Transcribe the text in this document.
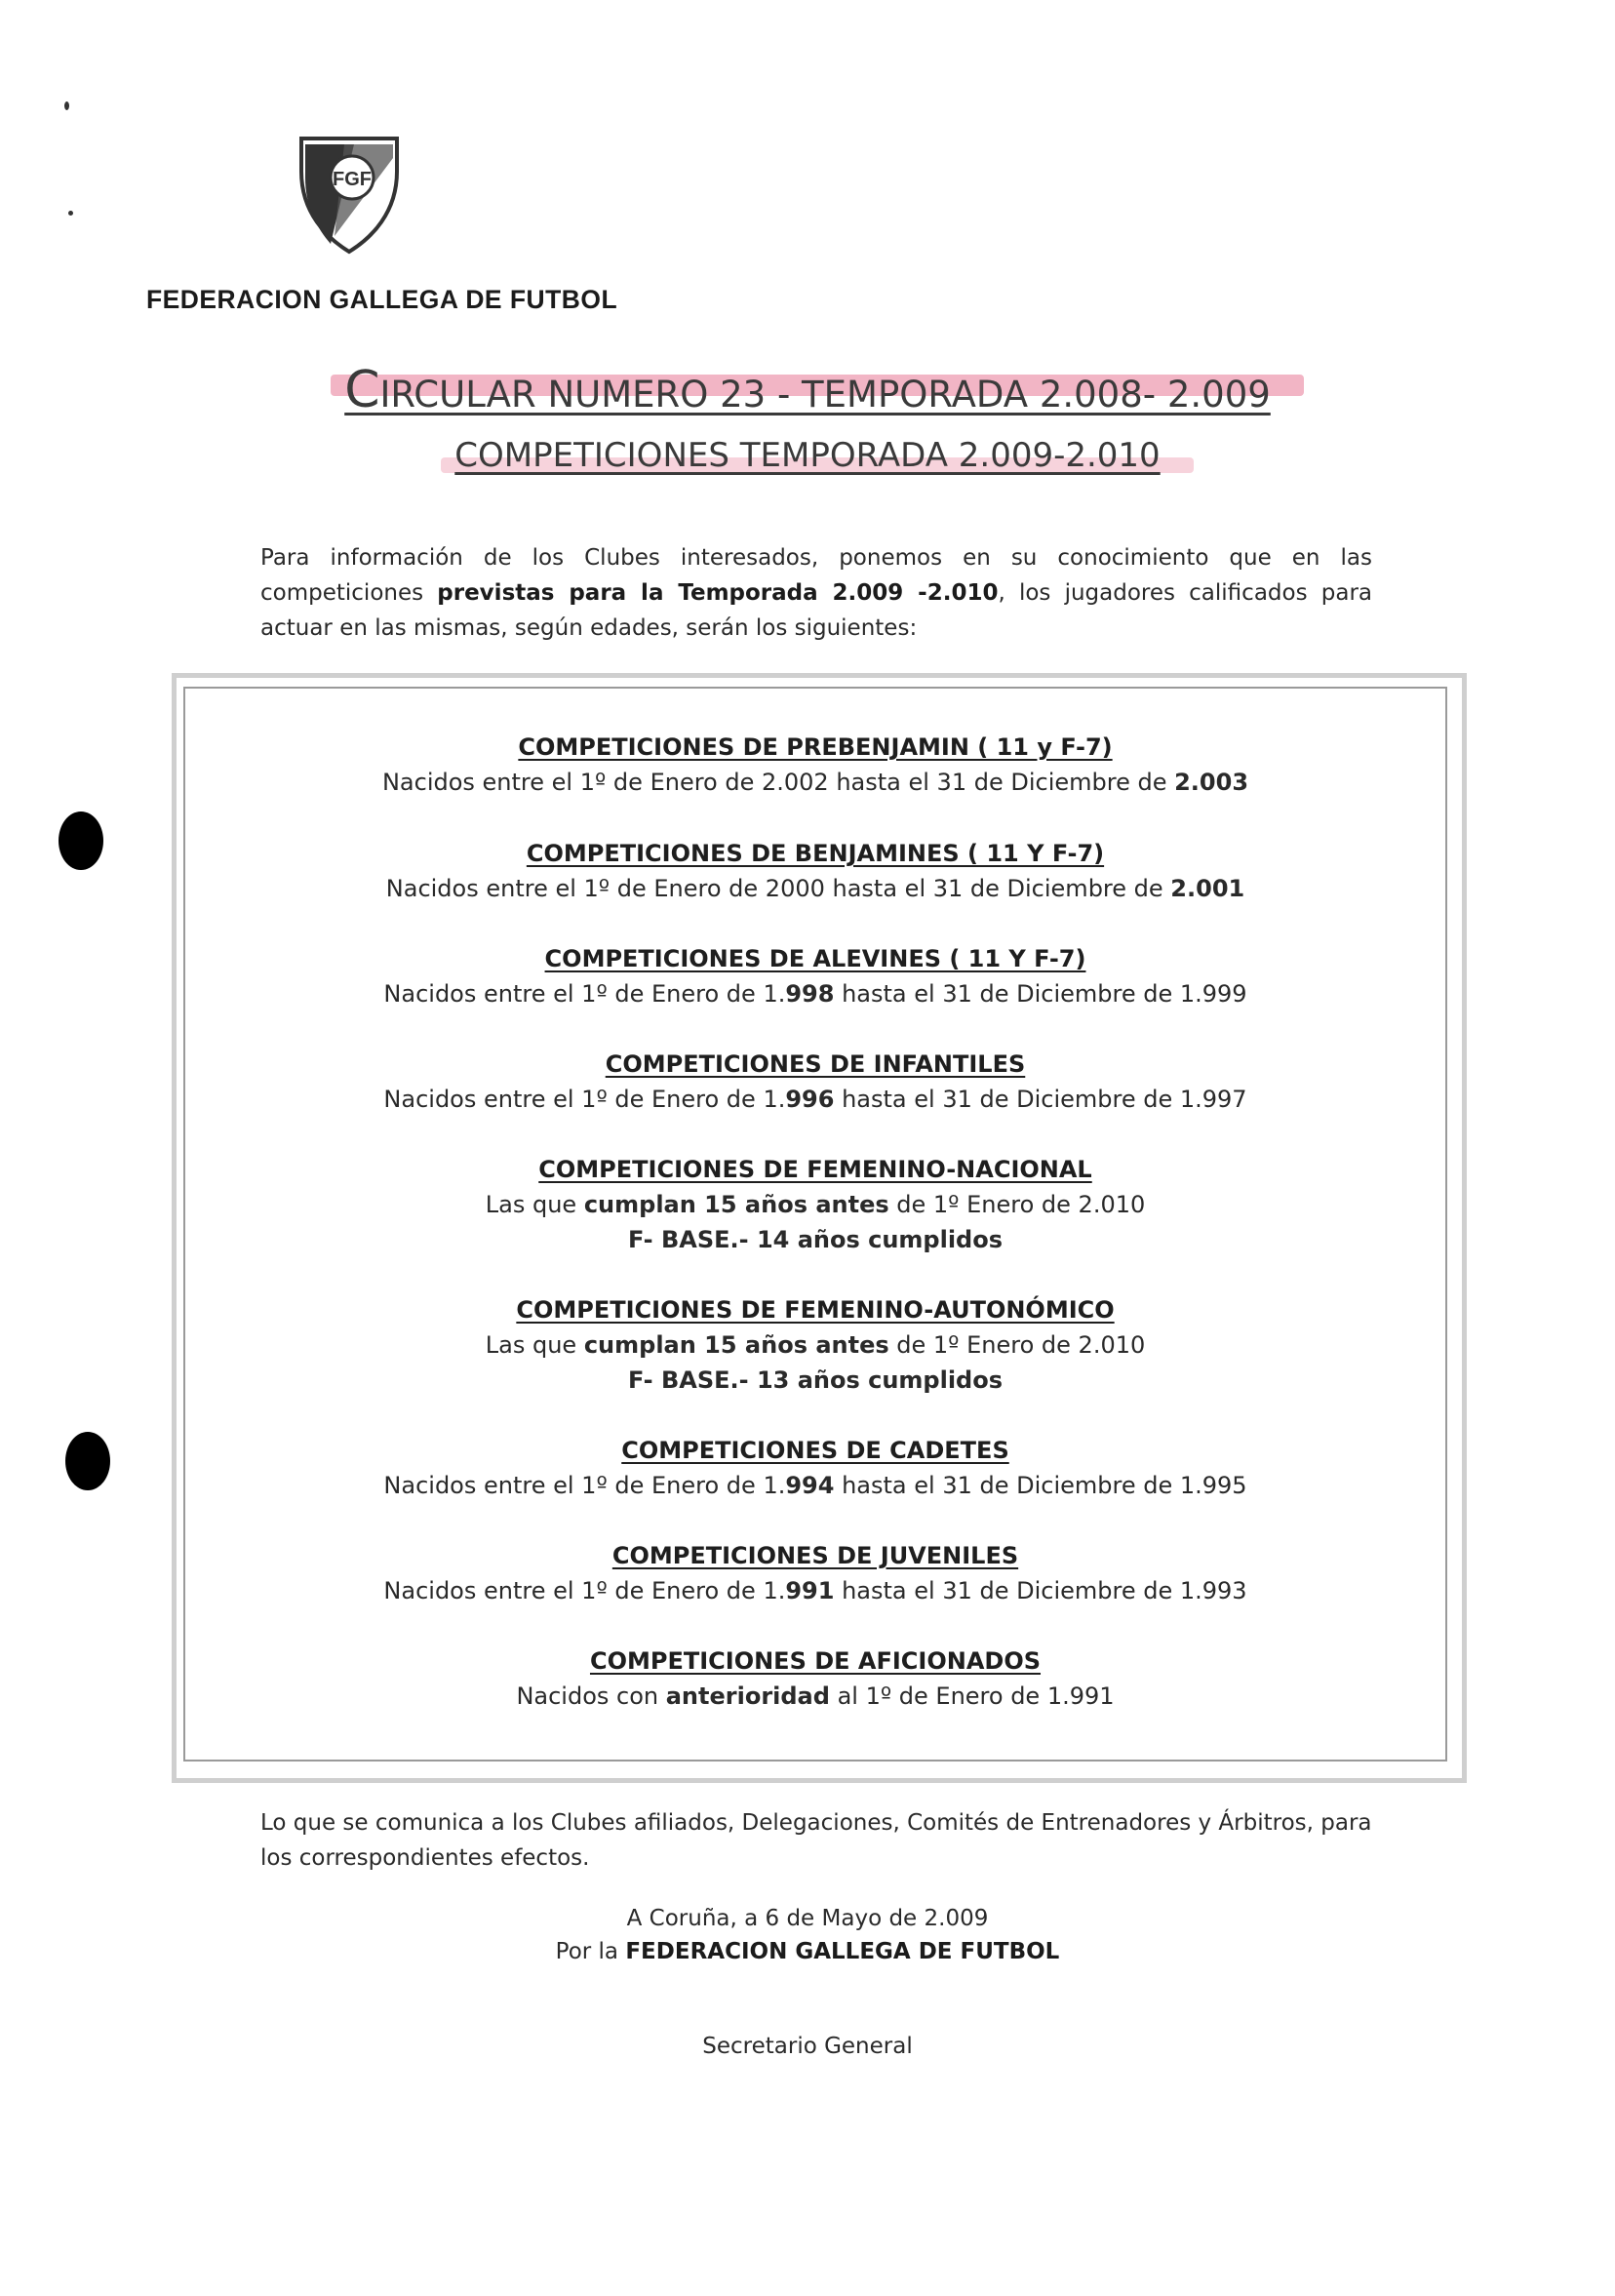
FGF
FEDERACION GALLEGA DE FUTBOL
CIRCULAR NUMERO 23 - TEMPORADA 2.008- 2.009
COMPETICIONES TEMPORADA 2.009-2.010
Para información de los Clubes interesados, ponemos en su conocimiento que en las competiciones previstas para la Temporada 2.009 -2.010, los jugadores calificados para actuar en las mismas, según edades, serán los siguientes:
COMPETICIONES DE PREBENJAMIN ( 11 y F-7)
Nacidos entre el 1º de Enero de 2.002 hasta el 31 de Diciembre de 2.003
COMPETICIONES DE BENJAMINES ( 11 Y F-7)
Nacidos entre el 1º de Enero de 2000 hasta el 31 de Diciembre de 2.001
COMPETICIONES DE ALEVINES ( 11 Y F-7)
Nacidos entre el 1º de Enero de 1.998 hasta el 31 de Diciembre de 1.999
COMPETICIONES DE INFANTILES
Nacidos entre el 1º de Enero de 1.996 hasta el 31 de Diciembre de 1.997
COMPETICIONES DE FEMENINO-NACIONAL
Las que cumplan 15 años antes de 1º Enero de 2.010
F- BASE.- 14 años cumplidos
COMPETICIONES DE FEMENINO-AUTONÓMICO
Las que cumplan 15 años antes de 1º Enero de 2.010
F- BASE.- 13 años cumplidos
COMPETICIONES DE CADETES
Nacidos entre el 1º de Enero de 1.994 hasta el 31 de Diciembre de 1.995
COMPETICIONES DE JUVENILES
Nacidos entre el 1º de Enero de 1.991 hasta el 31 de Diciembre de 1.993
COMPETICIONES DE AFICIONADOS
Nacidos con anterioridad al 1º de Enero de 1.991
Lo que se comunica a los Clubes afiliados, Delegaciones, Comités de Entrenadores y Árbitros, para los correspondientes efectos.
A Coruña, a 6 de Mayo de 2.009
Por la FEDERACION GALLEGA DE FUTBOL
Secretario General
